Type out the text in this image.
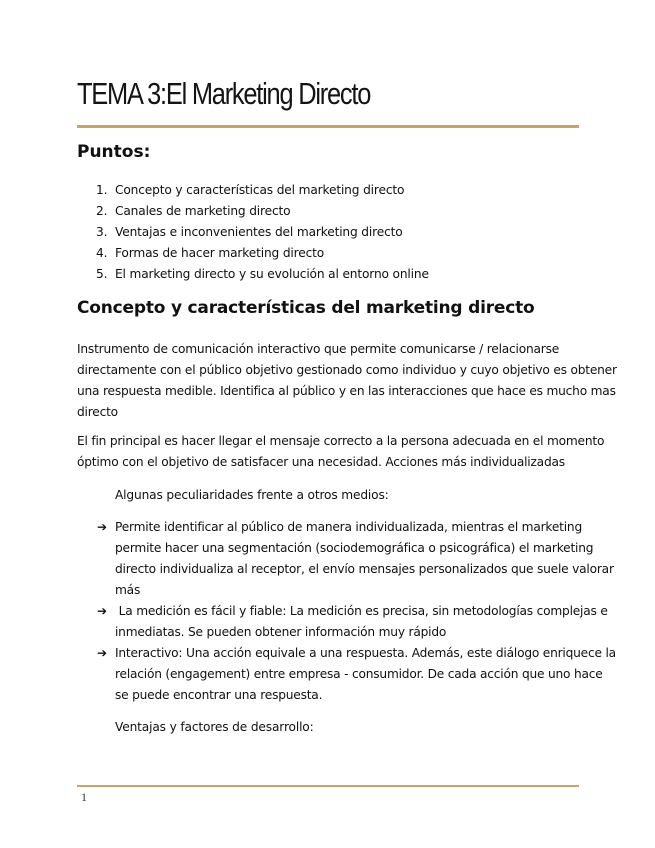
TEMA 3:El Marketing Directo
Puntos:
1. Concepto y características del marketing directo
2. Canales de marketing directo
3. Ventajas e inconvenientes del marketing directo
4. Formas de hacer marketing directo
5. El marketing directo y su evolución al entorno online
Concepto y características del marketing directo

Instrumento de comunicación interactivo que permite comunicarse / relacionarse
directamente con el público objetivo gestionado como individuo y cuyo objetivo es obtener
una respuesta medible. Identifica al público y en las interacciones que hace es mucho mas
directo

El fin principal es hacer llegar el mensaje correcto a la persona adecuada en el momento
óptimo con el objetivo de satisfacer una necesidad. Acciones más individualizadas

Algunas peculiaridades frente a otros medios:

➔ Permite identificar al público de manera individualizada, mientras el marketing
permite hacer una segmentación (sociodemográfica o psicográfica) el marketing
directo individualiza al receptor, el envío mensajes personalizados que suele valorar
más
➔ La medición es fácil y fiable: La medición es precisa, sin metodologías complejas e
inmediatas. Se pueden obtener información muy rápido
➔ Interactivo: Una acción equivale a una respuesta. Además, este diálogo enriquece la
relación (engagement) entre empresa - consumidor. De cada acción que uno hace
se puede encontrar una respuesta.

Ventajas y factores de desarrollo:

1
